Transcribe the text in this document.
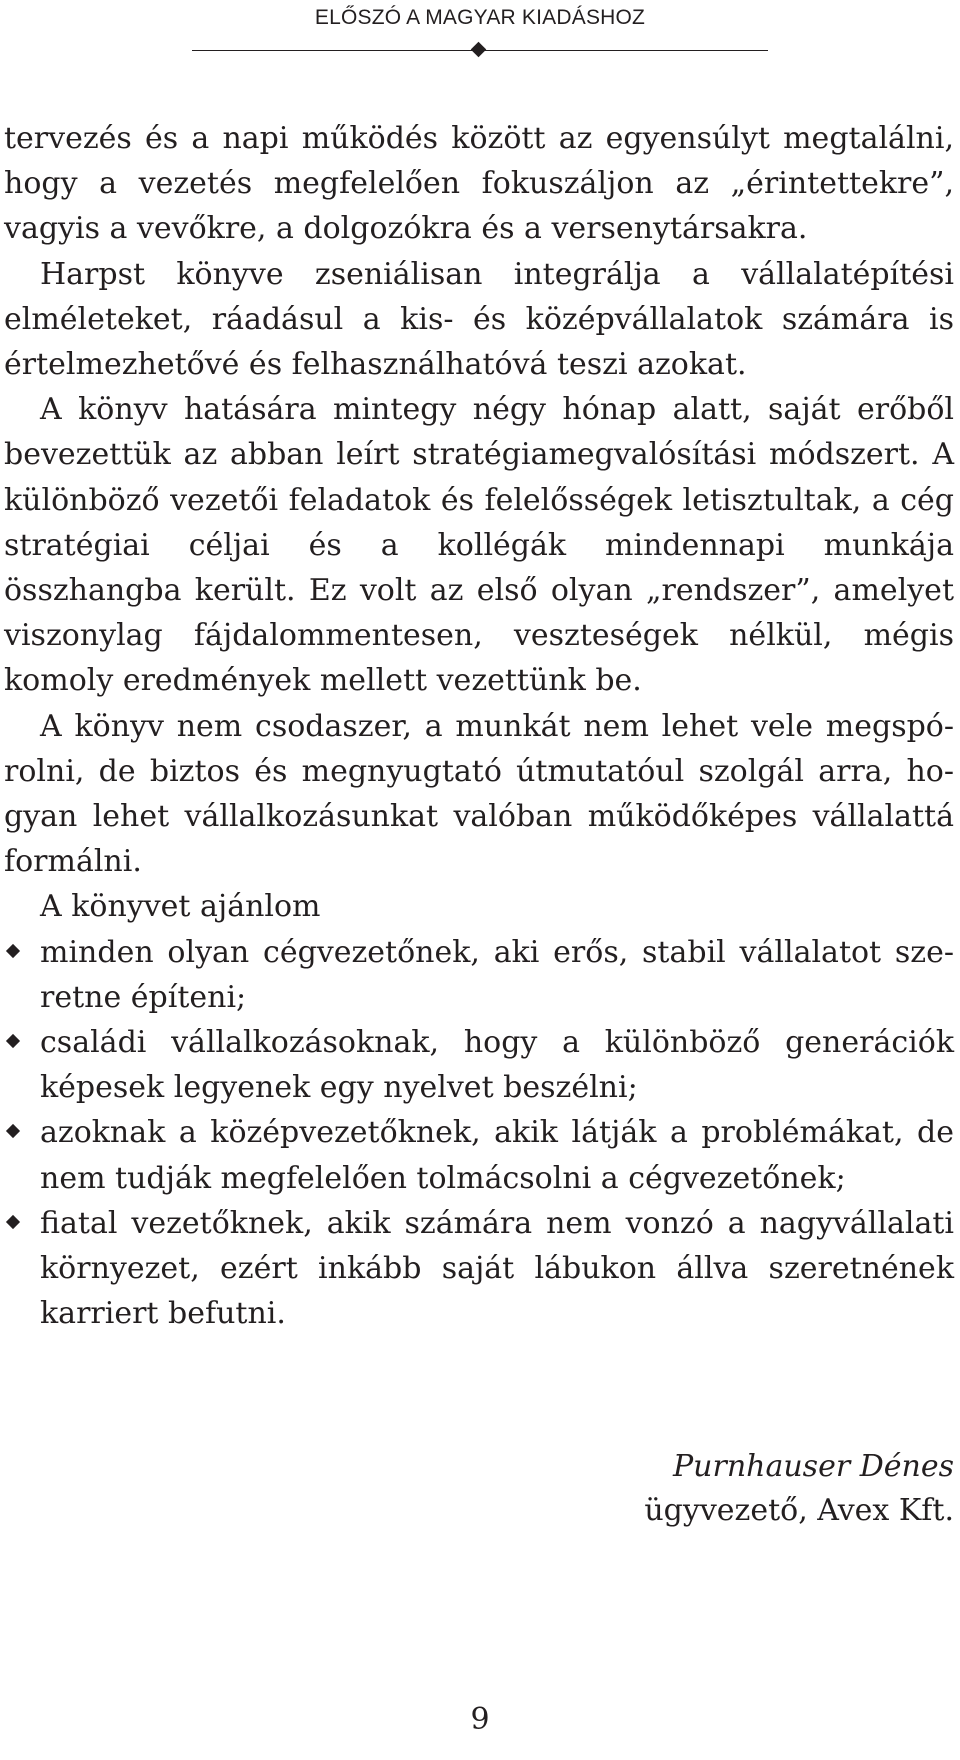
ELŐSZÓ A MAGYAR KIADÁSHOZ

tervezés és a napi működés között az egyensúlyt megtalálni, hogy a vezetés megfelelően fokuszáljon az „érintettekre”, vagyis a vevőkre, a dolgozókra és a versenytársakra.

Harpst könyve zseniálisan integrálja a vállalatépítési elméleteket, ráadásul a kis- és középvállalatok számára is értelmezhetővé és felhasználhatóvá teszi azokat.

A könyv hatására mintegy négy hónap alatt, saját erőből bevezettük az abban leírt stratégiamegvalósítási módszert. A különböző vezetői feladatok és felelősségek letisztultak, a cég stratégiai céljai és a kollégák mindennapi munkája összhangba került. Ez volt az első olyan „rendszer”, amelyet viszonylag fájdalommentesen, veszteségek nélkül, mégis komoly eredmények mellett vezettünk be.

A könyv nem csodaszer, a munkát nem lehet vele megspórolni, de biztos és megnyugtató útmutatóul szolgál arra, hogyan lehet vállalkozásunkat valóban működőképes vállalattá formálni.

A könyvet ajánlom

minden olyan cégvezetőnek, aki erős, stabil vállalatot szeretne építeni;
családi vállalkozásoknak, hogy a különböző generációk képesek legyenek egy nyelvet beszélni;
azoknak a középvezetőknek, akik látják a problémákat, de nem tudják megfelelően tolmácsolni a cégvezetőnek;
fiatal vezetőknek, akik számára nem vonzó a nagyvállalati környezet, ezért inkább saját lábukon állva szeretnének karriert befutni.
Purnhauser Dénes
ügyvezető, Avex Kft.
9
